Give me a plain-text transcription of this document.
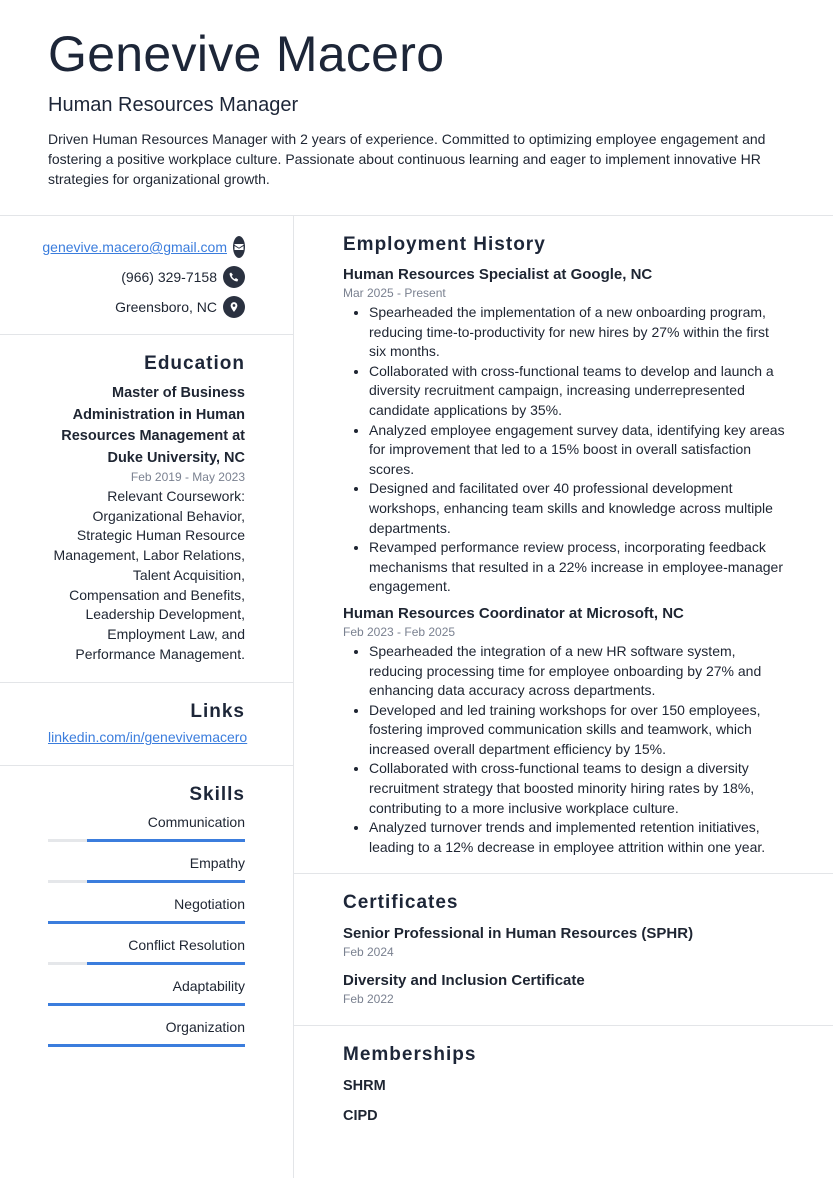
Genevive Macero
Human Resources Manager
Driven Human Resources Manager with 2 years of experience. Committed to optimizing employee engagement and fostering a positive workplace culture. Passionate about continuous learning and eager to implement innovative HR strategies for organizational growth.
genevive.macero@gmail.com
(966) 329-7158
Greensboro, NC
Education
Master of Business Administration in Human Resources Management at Duke University, NC
Feb 2019 - May 2023
Relevant Coursework: Organizational Behavior, Strategic Human Resource Management, Labor Relations, Talent Acquisition, Compensation and Benefits, Leadership Development, Employment Law, and Performance Management.
Links
linkedin.com/in/genevivemacero
Skills
Communication
Empathy
Negotiation
Conflict Resolution
Adaptability
Organization
Employment History
Human Resources Specialist at Google, NC
Mar 2025 - Present
• Spearheaded the implementation of a new onboarding program, reducing time-to-productivity for new hires by 27% within the first six months.
• Collaborated with cross-functional teams to develop and launch a diversity recruitment campaign, increasing underrepresented candidate applications by 35%.
• Analyzed employee engagement survey data, identifying key areas for improvement that led to a 15% boost in overall satisfaction scores.
• Designed and facilitated over 40 professional development workshops, enhancing team skills and knowledge across multiple departments.
• Revamped performance review process, incorporating feedback mechanisms that resulted in a 22% increase in employee-manager engagement.
Human Resources Coordinator at Microsoft, NC
Feb 2023 - Feb 2025
• Spearheaded the integration of a new HR software system, reducing processing time for employee onboarding by 27% and enhancing data accuracy across departments.
• Developed and led training workshops for over 150 employees, fostering improved communication skills and teamwork, which increased overall department efficiency by 15%.
• Collaborated with cross-functional teams to design a diversity recruitment strategy that boosted minority hiring rates by 18%, contributing to a more inclusive workplace culture.
• Analyzed turnover trends and implemented retention initiatives, leading to a 12% decrease in employee attrition within one year.
Certificates
Senior Professional in Human Resources (SPHR)
Feb 2024
Diversity and Inclusion Certificate
Feb 2022
Memberships
SHRM
CIPD
